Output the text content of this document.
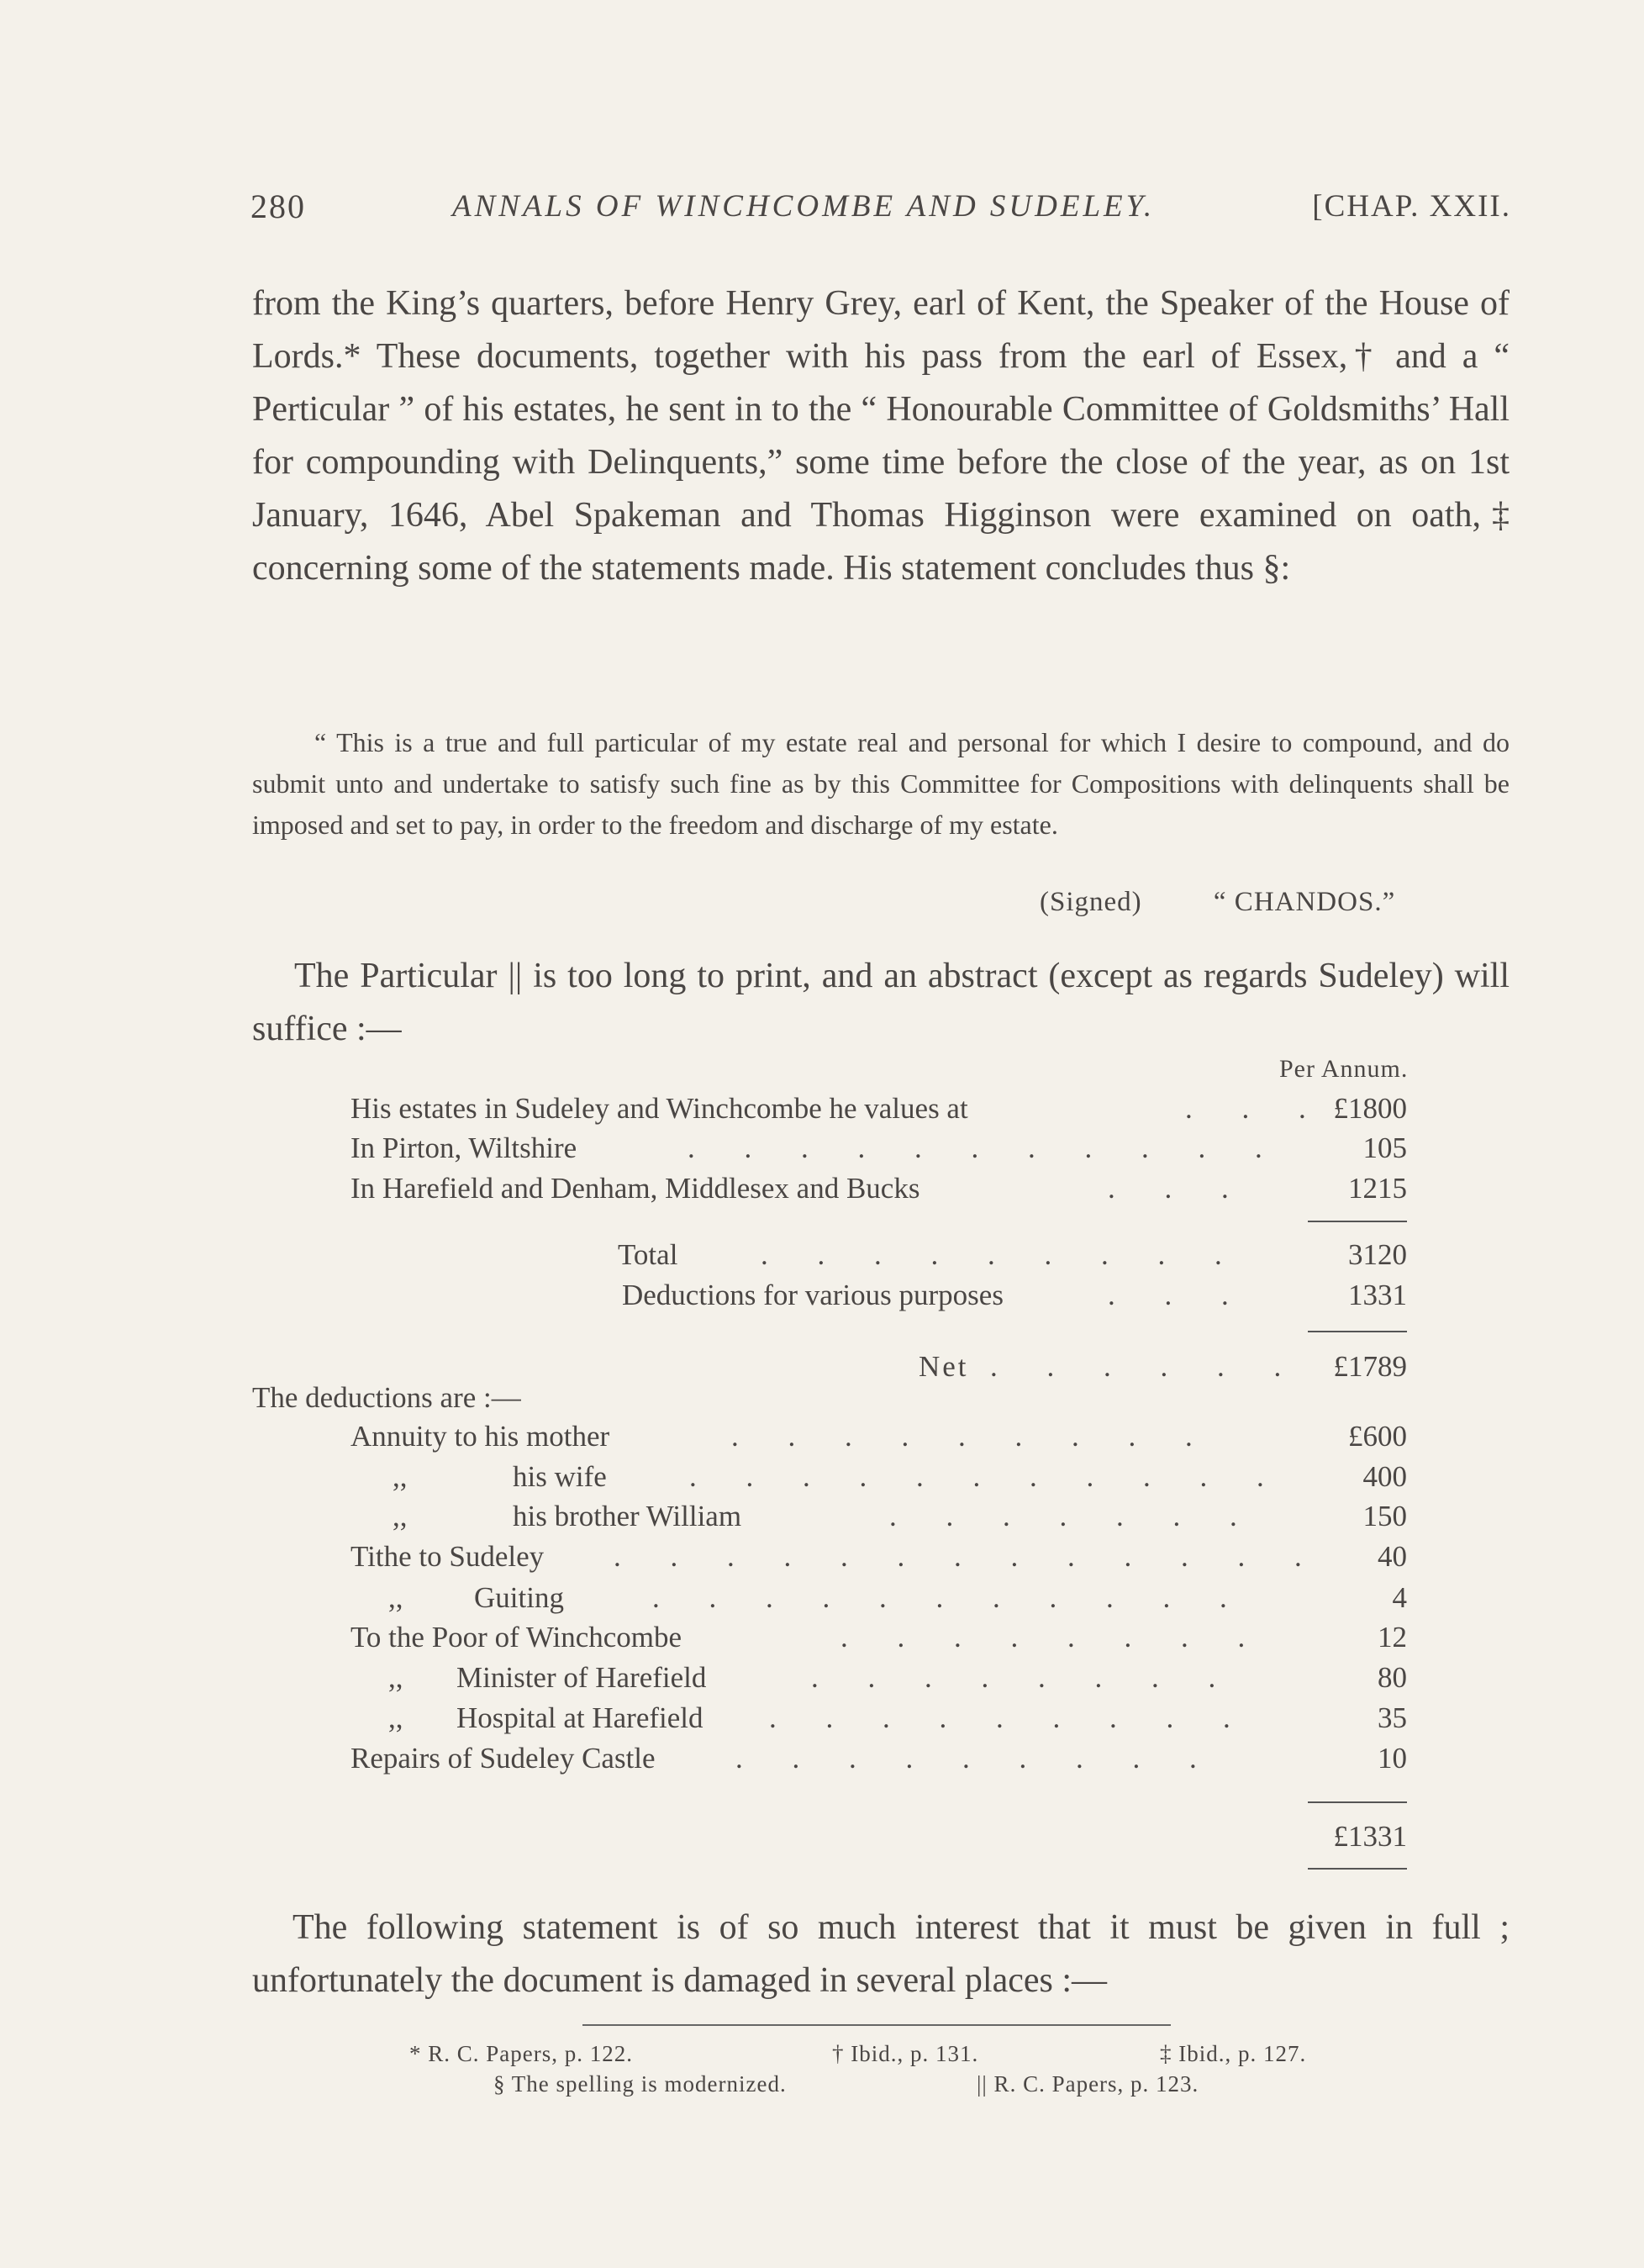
280	ANNALS OF WINCHCOMBE AND SUDELEY.	[CHAP. XXII.

from the King’s quarters, before Henry Grey, earl of Kent, the Speaker of the House of Lords.* These documents, together with his pass from the earl of Essex,† and a “ Perticular ” of his estates, he sent in to the “ Honourable Committee of Goldsmiths’ Hall for compounding with Delinquents,” some time before the close of the year, as on 1st January, 1646, Abel Spakeman and Thomas Higginson were examined on oath,‡ concerning some of the statements made. His statement concludes thus §:

“ This is a true and full particular of my estate real and personal for which I desire to compound, and do submit unto and undertake to satisfy such fine as by this Committee for Compositions with delinquents shall be imposed and set to pay, in order to the freedom and discharge of my estate.

(Signed)	“ CHANDOS.”

The Particular || is too long to print, and an abstract (except as regards Sudeley) will suffice :—

Per Annum.
His estates in Sudeley and Winchcombe he values at	. . . £1800
In Pirton, Wiltshire	. . . . . . . . . . .	105
In Harefield and Denham, Middlesex and Bucks	. . .	1215
Total	. . . . . . . . .	3120
Deductions for various purposes	. . .	1331
Net . . . . . .	£1789
The deductions are :—
Annuity to his mother	. . . . . . . . .	£600
,,	his wife	. . . . . . . . . . .	400
,,	his brother William	. . . . . . .	150
Tithe to Sudeley . . . . . . . . . . . . .	40
,, Guiting	. . . . . . . . . . .	4
To the Poor of Winchcombe	. . . . . . . .	12
,, Minister of Harefield	. . . . . . . .	80
,, Hospital at Harefield . . . . . . . . .	35
Repairs of Sudeley Castle	. . . . . . . . .	10
£1331

The following statement is of so much interest that it must be given in full ; unfortunately the document is damaged in several places :—

* R. C. Papers, p. 122.	† Ibid., p. 131.	‡ Ibid., p. 127.
§ The spelling is modernized.	|| R. C. Papers, p. 123.
